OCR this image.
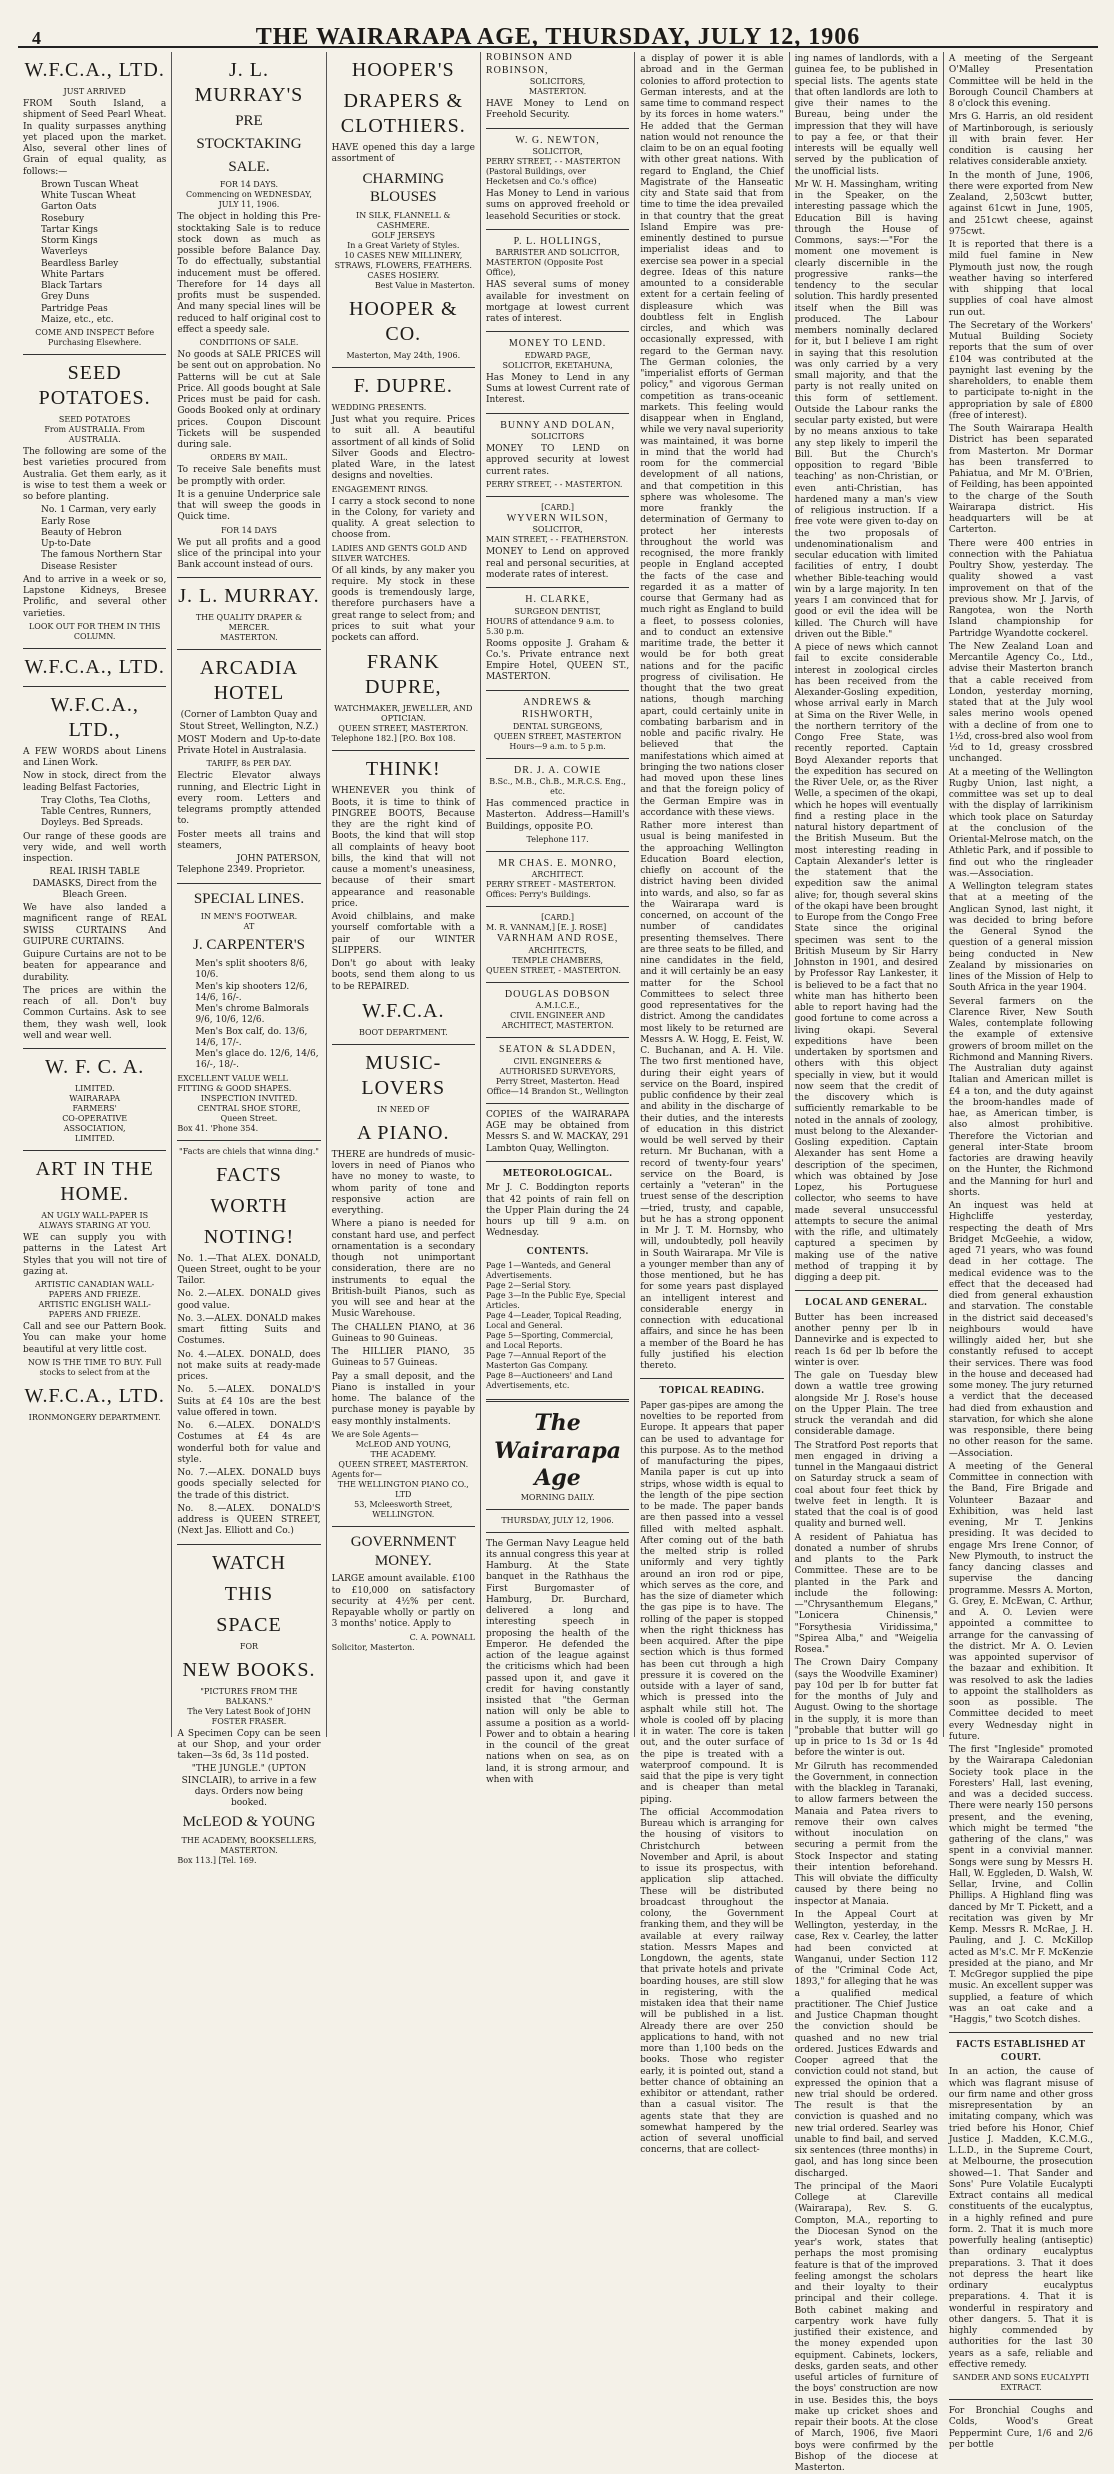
4	THE WAIRARAPA AGE, THURSDAY, JULY 12, 1906
W.F.C.A., LTD.
JUST ARRIVED

FROM South Island, a shipment of Seed Pearl Wheat. In quality surpasses anything yet placed upon the market. Also, several other lines of Grain of equal quality, as follows:—

Brown Tuscan Wheat
White Tuscan Wheat
Garton Oats
Rosebury
Tartar Kings
Storm Kings
Waverleys
Beardless Barley
White Partars
Black Tartars
Grey Duns
Partridge Peas
Maize, etc., etc.
COME AND INSPECT Before Purchasing Elsewhere.
SEED POTATOES.
SEED POTATOES
From AUSTRALIA. From AUSTRALIA.

The following are some of the best varieties procured from Australia. Get them early, as it is wise to test them a week or so before planting.

No. 1 Carman, very early
Early Rose
Beauty of Hebron
Up-to-Date
The famous Northern Star Disease Resister

And to arrive in a week or so, Lapstone Kidneys, Bresee Prolific, and several other varieties.

LOOK OUT FOR THEM IN THIS COLUMN.
W.F.C.A., LTD.
W.F.C.A., LTD.,

A FEW WORDS about Linens and Linen Work.

Now in stock, direct from the leading Belfast Factories,

Tray Cloths, Tea Cloths,
Table Centres, Runners,
Doyleys. Bed Spreads.

Our range of these goods are very wide, and well worth inspection.

REAL IRISH TABLE DAMASKS, Direct from the Bleach Green.

We have also landed a magnificent range of REAL SWISS CURTAINS And GUIPURE CURTAINS.

Guipure Curtains are not to be beaten for appearance and durability.

The prices are within the reach of all. Don't buy Common Curtains. Ask to see them, they wash well, look well and wear well.

W. F. C. A.
LIMITED.
WAIRARAPA
FARMERS'
CO-OPERATIVE
ASSOCIATION,
LIMITED.
ART IN THE HOME.
AN UGLY WALL-PAPER IS ALWAYS STARING AT YOU.

WE can supply you with patterns in the Latest Art Styles that you will not tire of gazing at.

ARTISTIC CANADIAN WALL-PAPERS AND FRIEZE.
ARTISTIC ENGLISH WALL-PAPERS AND FRIEZE.

Call and see our Pattern Book. You can make your home beautiful at very little cost.

NOW IS THE TIME TO BUY. Full stocks to select from at the
W.F.C.A., LTD.
IRONMONGERY DEPARTMENT.
J. L. MURRAY'S
PRE
STOCKTAKING
SALE.
FOR 14 DAYS.
Commencing on WEDNESDAY, JULY 11, 1906.

The object in holding this Pre-stocktaking Sale is to reduce stock down as much as possible before Balance Day. To do effectually, substantial inducement must be offered. Therefore for 14 days all profits must be suspended. And many special lines will be reduced to half original cost to effect a speedy sale.

CONDITIONS OF SALE.

No goods at SALE PRICES will be sent out on approbation. No Patterns will be cut at Sale Price. All goods bought at Sale Prices must be paid for cash. Goods Booked only at ordinary prices. Coupon Discount Tickets will be suspended during sale.

ORDERS BY MAIL.

To receive Sale benefits must be promptly with order.

It is a genuine Underprice sale that will sweep the goods in Quick time.

FOR 14 DAYS

We put all profits and a good slice of the principal into your Bank account instead of ours.

J. L. MURRAY.
THE QUALITY DRAPER & MERCER.
MASTERTON.
ARCADIA HOTEL

(Corner of Lambton Quay and Stout Street, Wellington, N.Z.)

MOST Modern and Up-to-date Private Hotel in Australasia.

TARIFF, 8s PER DAY.

Electric Elevator always running, and Electric Light in every room. Letters and telegrams promptly attended to.

Foster meets all trains and steamers,

JOHN PATERSON,
Telephone 2349. Proprietor.
SPECIAL LINES.
IN MEN'S FOOTWEAR.
AT
J. CARPENTER'S
Men's split shooters 8/6, 10/6.
Men's kip shooters 12/6, 14/6, 16/-.
Men's chrome Balmorals 9/6, 10/6, 12/6.
Men's Box calf, do. 13/6, 14/6, 17/-.
Men's glace do. 12/6, 14/6, 16/-, 18/-.
EXCELLENT VALUE WELL FITTING & GOOD SHAPES.
INSPECTION INVITED.
CENTRAL SHOE STORE,
Queen Street.
Box 41. 'Phone 354.
"Facts are chiels that winna ding."
FACTS
WORTH
NOTING!

No. 1.—That ALEX. DONALD, Queen Street, ought to be your Tailor.

No. 2.—ALEX. DONALD gives good value.

No. 3.—ALEX. DONALD makes smart fitting Suits and Costumes.

No. 4.—ALEX. DONALD, does not make suits at ready-made prices.

No. 5.—ALEX. DONALD'S Suits at £4 10s are the best value offered in town.

No. 6.—ALEX. DONALD'S Costumes at £4 4s are wonderful both for value and style.

No. 7.—ALEX. DONALD buys goods specially selected for the trade of this district.

No. 8.—ALEX. DONALD'S address is QUEEN STREET, (Next Jas. Elliott and Co.)

WATCH
THIS
SPACE
FOR
NEW BOOKS.
"PICTURES FROM THE BALKANS."
The Very Latest Book of JOHN FOSTER FRASER.

A Specimen Copy can be seen at our Shop, and your order taken—3s 6d, 3s 11d posted.

"THE JUNGLE." (UPTON SINCLAIR), to arrive in a few days. Orders now being booked.

McLEOD & YOUNG
THE ACADEMY, BOOKSELLERS, MASTERTON.
Box 113.] [Tel. 169.
HOOPER'S
DRAPERS & CLOTHIERS.

HAVE opened this day a large assortment of

CHARMING BLOUSES
IN SILK, FLANNELL & CASHMERE.
GOLF JERSEYS
In a Great Variety of Styles.
10 CASES NEW MILLINERY, STRAWS, FLOWERS, FEATHERS.
CASES HOSIERY.
Best Value in Masterton.
HOOPER & CO.
Masterton, May 24th, 1906.
F. DUPRE.
WEDDING PRESENTS.

Just what you require. Prices to suit all. A beautiful assortment of all kinds of Solid Silver Goods and Electro-plated Ware, in the latest designs and novelties.

ENGAGEMENT RINGS.

I carry a stock second to none in the Colony, for variety and quality. A great selection to choose from.

LADIES AND GENTS GOLD AND SILVER WATCHES.

Of all kinds, by any maker you require. My stock in these goods is tremendously large, therefore purchasers have a great range to select from; and prices to suit what your pockets can afford.

FRANK DUPRE,
WATCHMAKER, JEWELLER, AND OPTICIAN.
QUEEN STREET, MASTERTON.
Telephone 182.] [P.O. Box 108.
THINK!

WHENEVER you think of Boots, it is time to think of PINGREE BOOTS, Because they are the right kind of Boots, the kind that will stop all complaints of heavy boot bills, the kind that will not cause a moment's uneasiness, because of their smart appearance and reasonable price.

Avoid chilblains, and make yourself comfortable with a pair of our WINTER SLIPPERS.

Don't go about with leaky boots, send them along to us to be REPAIRED.

W.F.C.A.
BOOT DEPARTMENT.
MUSIC-LOVERS
IN NEED OF
A PIANO.

THERE are hundreds of music-lovers in need of Pianos who have no money to waste, to whom parity of tone and responsive action are everything.

Where a piano is needed for constant hard use, and perfect ornamentation is a secondary though not unimportant consideration, there are no instruments to equal the British-built Pianos, such as you will see and hear at the Music Warehouse.

The CHALLEN PIANO, at 36 Guineas to 90 Guineas.

The HILLIER PIANO, 35 Guineas to 57 Guineas.

Pay a small deposit, and the Piano is installed in your home. The balance of the purchase money is payable by easy monthly instalments.

We are Sole Agents—
McLEOD AND YOUNG,
THE ACADEMY.
QUEEN STREET, MASTERTON.
Agents for—
THE WELLINGTON PIANO CO., LTD
53, Mcleesworth Street,
WELLINGTON.
GOVERNMENT MONEY.

LARGE amount available. £100 to £10,000 on satisfactory security at 4½% per cent. Repayable wholly or partly on 3 months' notice. Apply to

C. A. POWNALL
Solicitor, Masterton.
ROBINSON AND ROBINSON,
SOLICITORS,
MASTERTON.

HAVE Money to Lend on Freehold Security.

W. G. NEWTON,
SOLICITOR,
PERRY STREET, - - MASTERTON
(Pastoral Buildings, over Hecketsen and Co.'s office)

Has Money to Lend in various sums on approved freehold or leasehold Securities or stock.

P. L. HOLLINGS,
BARRISTER AND SOLICITOR,
MASTERTON (Opposite Post Office),

HAS several sums of money available for investment on mortgage at lowest current rates of interest.

MONEY TO LEND.
EDWARD PAGE,
SOLICITOR, EKETAHUNA,

Has Money to Lend in any Sums at lowest Current rate of Interest.

BUNNY AND DOLAN,
SOLICITORS

MONEY TO LEND on approved security at lowest current rates.

PERRY STREET, - - MASTERTON.
[CARD.]
WYVERN WILSON,
SOLICITOR,
MAIN STREET, - - FEATHERSTON.

MONEY to Lend on approved real and personal securities, at moderate rates of interest.

H. CLARKE,
SURGEON DENTIST,
HOURS of attendance 9 a.m. to 5.30 p.m.

Rooms opposite J. Graham & Co.'s. Private entrance next Empire Hotel, QUEEN ST., MASTERTON.

ANDREWS & RISHWORTH,
DENTAL SURGEONS,
QUEEN STREET, MASTERTON
Hours—9 a.m. to 5 p.m.
DR. J. A. COWIE
B.Sc., M.B., Ch.B., M.R.C.S. Eng., etc.

Has commenced practice in Masterton. Address—Hamill's Buildings, opposite P.O.

Telephone 117.
MR CHAS. E. MONRO,
ARCHITECT.
PERRY STREET - MASTERTON. Offices: Perry's Buildings.
[CARD.]
M. R. VANNAM,] [E. J. ROSE]
VARNHAM AND ROSE,
ARCHITECTS,
TEMPLE CHAMBERS,
QUEEN STREET, - MASTERTON.
DOUGLAS DOBSON
A.M.I.C.E.,
CIVIL ENGINEER AND ARCHITECT, MASTERTON.
SEATON & SLADDEN,
CIVIL ENGINEERS & AUTHORISED SURVEYORS,
Perry Street, Masterton. Head Office—14 Brandon St., Wellington

COPIES of the WAIRARAPA AGE may be obtained from Messrs S. and W. MACKAY, 291 Lambton Quay, Wellington.

METEOROLOGICAL.

Mr J. C. Boddington reports that 42 points of rain fell on the Upper Plain during the 24 hours up till 9 a.m. on Wednesday.

CONTENTS.
Page 1—Wanteds, and General Advertisements.
Page 2—Serial Story.
Page 3—In the Public Eye, Special Articles.
Page 4—Leader, Topical Reading, Local and General.
Page 5—Sporting, Commercial, and Local Reports.
Page 7—Annual Report of the Masterton Gas Company.
Page 8—Auctioneers' and Land Advertisements, etc.
The Wairarapa Age
MORNING DAILY.
THURSDAY, JULY 12, 1906.

The German Navy League held its annual congress this year at Hamburg. At the State banquet in the Rathhaus the First Burgomaster of Hamburg, Dr. Burchard, delivered a long and interesting speech in proposing the health of the Emperor. He defended the action of the league against the criticisms which had been passed upon it, and gave it credit for having constantly insisted that "the German nation will only be able to assume a position as a world-Power and to obtain a hearing in the council of the great nations when on sea, as on land, it is strong armour, and when with

a display of power it is able abroad and in the German colonies to afford protection to German interests, and at the same time to command respect by its forces in home waters." He added that the German nation would not renounce the claim to be on an equal footing with other great nations. With regard to England, the Chief Magistrate of the Hanseatic city and State said that from time to time the idea prevailed in that country that the great Island Empire was pre-eminently destined to pursue imperialist ideas and to exercise sea power in a special degree. Ideas of this nature amounted to a considerable extent for a certain feeling of displeasure which was doubtless felt in English circles, and which was occasionally expressed, with regard to the German navy. The German colonies, the "imperialist efforts of German policy," and vigorous German competition as trans-oceanic markets. This feeling would disappear when in England, while we very naval superiority was maintained, it was borne in mind that the world had room for the commercial development of all nations, and that competition in this sphere was wholesome. The more frankly the determination of Germany to protect her interests throughout the world was recognised, the more frankly people in England accepted the facts of the case and regarded it as a matter of course that Germany had as much right as England to build a fleet, to possess colonies, and to conduct an extensive maritime trade, the better it would be for both great nations and for the pacific progress of civilisation. He thought that the two great nations, though marching apart, could certainly unite in combating barbarism and in noble and pacific rivalry. He believed that the manifestations which aimed at bringing the two nations closer had moved upon these lines and that the foreign policy of the German Empire was in accordance with these views.

Rather more interest than usual is being manifested in the approaching Wellington Education Board election, chiefly on account of the district having been divided into wards, and also, so far as the Wairarapa ward is concerned, on account of the number of candidates presenting themselves. There are three seats to be filled, and nine candidates in the field, and it will certainly be an easy matter for the School Committees to select three good representatives for the district. Among the candidates most likely to be returned are Messrs A. W. Hogg, E. Feist, W. C. Buchanan, and A. H. Vile. The two first mentioned have, during their eight years of service on the Board, inspired public confidence by their zeal and ability in the discharge of their duties, and the interests of education in this district would be well served by their return. Mr Buchanan, with a record of twenty-four years' service on the Board, is certainly a "veteran" in the truest sense of the description—tried, trusty, and capable, but he has a strong opponent in Mr J. T. M. Hornsby, who will, undoubtedly, poll heavily in South Wairarapa. Mr Vile is a younger member than any of those mentioned, but he has for some years past displayed an intelligent interest and considerable energy in connection with educational affairs, and since he has been a member of the Board he has fully justified his election thereto.

TOPICAL READING.

Paper gas-pipes are among the novelties to be reported from Europe. It appears that paper can be used to advantage for this purpose. As to the method of manufacturing the pipes, Manila paper is cut up into strips, whose width is equal to the length of the pipe section to be made. The paper bands are then passed into a vessel filled with melted asphalt. After coming out of the bath the melted strip is rolled uniformly and very tightly around an iron rod or pipe, which serves as the core, and has the size of diameter which the gas pipe is to have. The rolling of the paper is stopped when the right thickness has been acquired. After the pipe section which is thus formed has been cut through a high pressure it is covered on the outside with a layer of sand, which is pressed into the asphalt while still hot. The whole is cooled off by placing it in water. The core is taken out, and the outer surface of the pipe is treated with a waterproof compound. It is said that the pipe is very tight and is cheaper than metal piping.

The official Accommodation Bureau which is arranging for the housing of visitors to Christchurch between November and April, is about to issue its prospectus, with application slip attached. These will be distributed broadcast throughout the colony, the Government franking them, and they will be available at every railway station. Messrs Mapes and Longdown, the agents, state that private hotels and private boarding houses, are still slow in registering, with the mistaken idea that their name will be published in a list. Already there are over 250 applications to hand, with not more than 1,100 beds on the books. Those who register early, it is pointed out, stand a better chance of obtaining an exhibitor or attendant, rather than a casual visitor. The agents state that they are somewhat hampered by the action of several unofficial concerns, that are collect-

ing names of landlords, with a guinea fee, to be published in special lists. The agents state that often landlords are loth to give their names to the Bureau, being under the impression that they will have to pay a fee, or that their interests will be equally well served by the publication of the unofficial lists.

Mr W. H. Massingham, writing in the Speaker, on the interesting passage which the Education Bill is having through the House of Commons, says:—"For the moment one movement is clearly discernible in the progressive ranks—the tendency to the secular solution. This hardly presented itself when the Bill was produced. The Labour members nominally declared for it, but I believe I am right in saying that this resolution was only carried by a very small majority, and that the party is not really united on this form of settlement. Outside the Labour ranks the secular party existed, but were by no means anxious to take any step likely to imperil the Bill. But the Church's opposition to regard 'Bible teaching' as non-Christian, or even anti-Christian, has hardened many a man's view of religious instruction. If a free vote were given to-day on the two proposals of undenominationalism and secular education with limited facilities of entry, I doubt whether Bible-teaching would win by a large majority. In ten years I am convinced that for good or evil the idea will be killed. The Church will have driven out the Bible."

A piece of news which cannot fail to excite considerable interest in zoological circles has been received from the Alexander-Gosling expedition, whose arrival early in March at Sima on the River Welle, in the northern territory of the Congo Free State, was recently reported. Captain Boyd Alexander reports that the expedition has secured on the River Uele, or, as the River Welle, a specimen of the okapi, which he hopes will eventually find a resting place in the natural history department of the British Museum. But the most interesting reading in Captain Alexander's letter is the statement that the expedition saw the animal alive; for, though several skins of the okapi have been brought to Europe from the Congo Free State since the original specimen was sent to the British Museum by Sir Harry Johnston in 1901, and desired by Professor Ray Lankester, it is believed to be a fact that no white man has hitherto been able to report having had the good fortune to come across a living okapi. Several expeditions have been undertaken by sportsmen and others with this object specially in view, but it would now seem that the credit of the discovery which is sufficiently remarkable to be noted in the annals of zoology, must belong to the Alexander-Gosling expedition. Captain Alexander has sent Home a description of the specimen, which was obtained by Jose Lopez, his Portuguese collector, who seems to have made several unsuccessful attempts to secure the animal with the rifle, and ultimately captured a specimen by making use of the native method of trapping it by digging a deep pit.

LOCAL AND GENERAL.

Butter has been increased another penny per lb in Dannevirke and is expected to reach 1s 6d per lb before the winter is over.

The gale on Tuesday blew down a wattle tree growing alongside Mr J. Rose's house on the Upper Plain. The tree struck the verandah and did considerable damage.

The Stratford Post reports that men engaged in driving a tunnel in the Mangaaui district on Saturday struck a seam of coal about four feet thick by twelve feet in length. It is stated that the coal is of good quality and burned well.

A resident of Pahiatua has donated a number of shrubs and plants to the Park Committee. These are to be planted in the Park and include the following:—"Chrysanthemum Elegans," "Lonicera Chinensis," "Forsythesia Viridissima," "Spirea Alba," and "Weigelia Rosea."

The Crown Dairy Company (says the Woodville Examiner) pay 10d per lb for butter fat for the months of July and August. Owing to the shortage in the supply, it is more than "probable that butter will go up in price to 1s 3d or 1s 4d before the winter is out.

Mr Gilruth has recommended the Government, in connection with the blackleg in Taranaki, to allow farmers between the Manaia and Patea rivers to remove their own calves without inoculation on securing a permit from the Stock Inspector and stating their intention beforehand. This will obviate the difficulty caused by there being no inspector at Manaia.

In the Appeal Court at Wellington, yesterday, in the case, Rex v. Cearley, the latter had been convicted at Wanganui, under Section 112 of the "Criminal Code Act, 1893," for alleging that he was a qualified medical practitioner. The Chief Justice and Justice Chapman thought the conviction should be quashed and no new trial ordered. Justices Edwards and Cooper agreed that the conviction could not stand, but expressed the opinion that a new trial should be ordered. The result is that the conviction is quashed and no new trial ordered. Searley was unable to find bail, and served six sentences (three months) in gaol, and has long since been discharged.

The principal of the Maori College at Clareville (Wairarapa), Rev. S. G. Compton, M.A., reporting to the Diocesan Synod on the year's work, states that perhaps the most promising feature is that of the improved feeling amongst the scholars and their loyalty to their principal and their college. Both cabinet making and carpentry work have fully justified their existence, and the money expended upon equipment. Cabinets, lockers, desks, garden seats, and other useful articles of furniture of the boys' construction are now in use. Besides this, the boys make up cricket shoes and repair their boots. At the close of March, 1906, five Maori boys were confirmed by the Bishop of the diocese at Masterton.

A meeting of the Sergeant O'Malley Presentation Committee will be held in the Borough Council Chambers at 8 o'clock this evening.

Mrs G. Harris, an old resident of Martinborough, is seriously ill with brain fever. Her condition is causing her relatives considerable anxiety.

In the month of June, 1906, there were exported from New Zealand, 2,503cwt butter, against 61cwt in June, 1905, and 251cwt cheese, against 975cwt.

It is reported that there is a mild fuel famine in New Plymouth just now, the rough weather having so interfered with shipping that local supplies of coal have almost run out.

The Secretary of the Workers' Mutual Building Society reports that the sum of over £104 was contributed at the paynight last evening by the shareholders, to enable them to participate to-night in the appropriation by sale of £800 (free of interest).

The South Wairarapa Health District has been separated from Masterton. Mr Dormar has been transferred to Pahiatua, and Mr M. O'Brien, of Feilding, has been appointed to the charge of the South Wairarapa district. His headquarters will be at Carterton.

There were 400 entries in connection with the Pahiatua Poultry Show, yesterday. The quality showed a vast improvement on that of the previous show. Mr J. Jarvis, of Rangotea, won the North Island championship for Partridge Wyandotte cockerel.

The New Zealand Loan and Mercantile Agency Co., Ltd., advise their Masterton branch that a cable received from London, yesterday morning, stated that at the July wool sales merino wools opened with a decline of from one to 1½d, cross-bred also wool from ½d to 1d, greasy crossbred unchanged.

At a meeting of the Wellington Rugby Union, last night, a committee was set up to deal with the display of larrikinism which took place on Saturday at the conclusion of the Oriental-Melrose match, on the Athletic Park, and if possible to find out who the ringleader was.—Association.

A Wellington telegram states that at a meeting of the Anglican Synod, last night, it was decided to bring before the General Synod the question of a general mission being conducted in New Zealand by missionaries on lines of the Mission of Help to South Africa in the year 1904.

Several farmers on the Clarence River, New South Wales, contemplate following the example of extensive growers of broom millet on the Richmond and Manning Rivers. The Australian duty against Italian and American millet is £4 a ton, and the duty against the broom-handles made of hae, as American timber, is also almost prohibitive. Therefore the Victorian and general inter-State broom factories are drawing heavily on the Hunter, the Richmond and the Manning for hurl and shorts.

An inquest was held at Highcliffe yesterday, respecting the death of Mrs Bridget McGeehie, a widow, aged 71 years, who was found dead in her cottage. The medical evidence was to the effect that the deceased had died from general exhaustion and starvation. The constable in the district said deceased's neighbours would have willingly aided her, but she constantly refused to accept their services. There was food in the house and deceased had some money. The jury returned a verdict that the deceased had died from exhaustion and starvation, for which she alone was responsible, there being no other reason for the same.—Association.

A meeting of the General Committee in connection with the Band, Fire Brigade and Volunteer Bazaar and Exhibition, was held last evening, Mr T. Jenkins presiding. It was decided to engage Mrs Irene Connor, of New Plymouth, to instruct the fancy dancing classes and supervise the dancing programme. Messrs A. Morton, G. Grey, E. McEwan, C. Arthur, and A. O. Levien were appointed a committee to arrange for the canvassing of the district. Mr A. O. Levien was appointed supervisor of the bazaar and exhibition. It was resolved to ask the ladies to appoint the stallholders as soon as possible. The Committee decided to meet every Wednesday night in future.

The first "Ingleside" promoted by the Wairarapa Caledonian Society took place in the Foresters' Hall, last evening, and was a decided success. There were nearly 150 persons present, and the evening, which might be termed "the gathering of the clans," was spent in a convivial manner. Songs were sung by Messrs H. Hall, W. Eggleden, D. Walsh, W. Sellar, Irvine, and Collin Phillips. A Highland fling was danced by Mr T. Pickett, and a recitation was given by Mr Kemp. Messrs R. McRae, J. H. Pauling, and J. C. McKillop acted as M's.C. Mr F. McKenzie presided at the piano, and Mr T. McGregor supplied the pipe music. An excellent supper was supplied, a feature of which was an oat cake and a "Haggis," two Scotch dishes.

FACTS ESTABLISHED AT COURT.

In an action, the cause of which was flagrant misuse of our firm name and other gross misrepresentation by an imitating company, which was tried before his Honor, Chief Justice J. Madden, K.C.M.G., L.L.D., in the Supreme Court, at Melbourne, the prosecution showed—1. That Sander and Sons' Pure Volatile Eucalypti Extract contains all medical constituents of the eucalyptus, in a highly refined and pure form. 2. That it is much more powerfully healing (antiseptic) than ordinary eucalyptus preparations. 3. That it does not depress the heart like ordinary eucalyptus preparations. 4. That it is wonderful in respiratory and other dangers. 5. That it is highly commended by authorities for the last 30 years as a safe, reliable and effective remedy.

SANDER AND SONS EUCALYPTI EXTRACT.

For Bronchial Coughs and Colds, Wood's Great Peppermint Cure, 1/6 and 2/6 per bottle
